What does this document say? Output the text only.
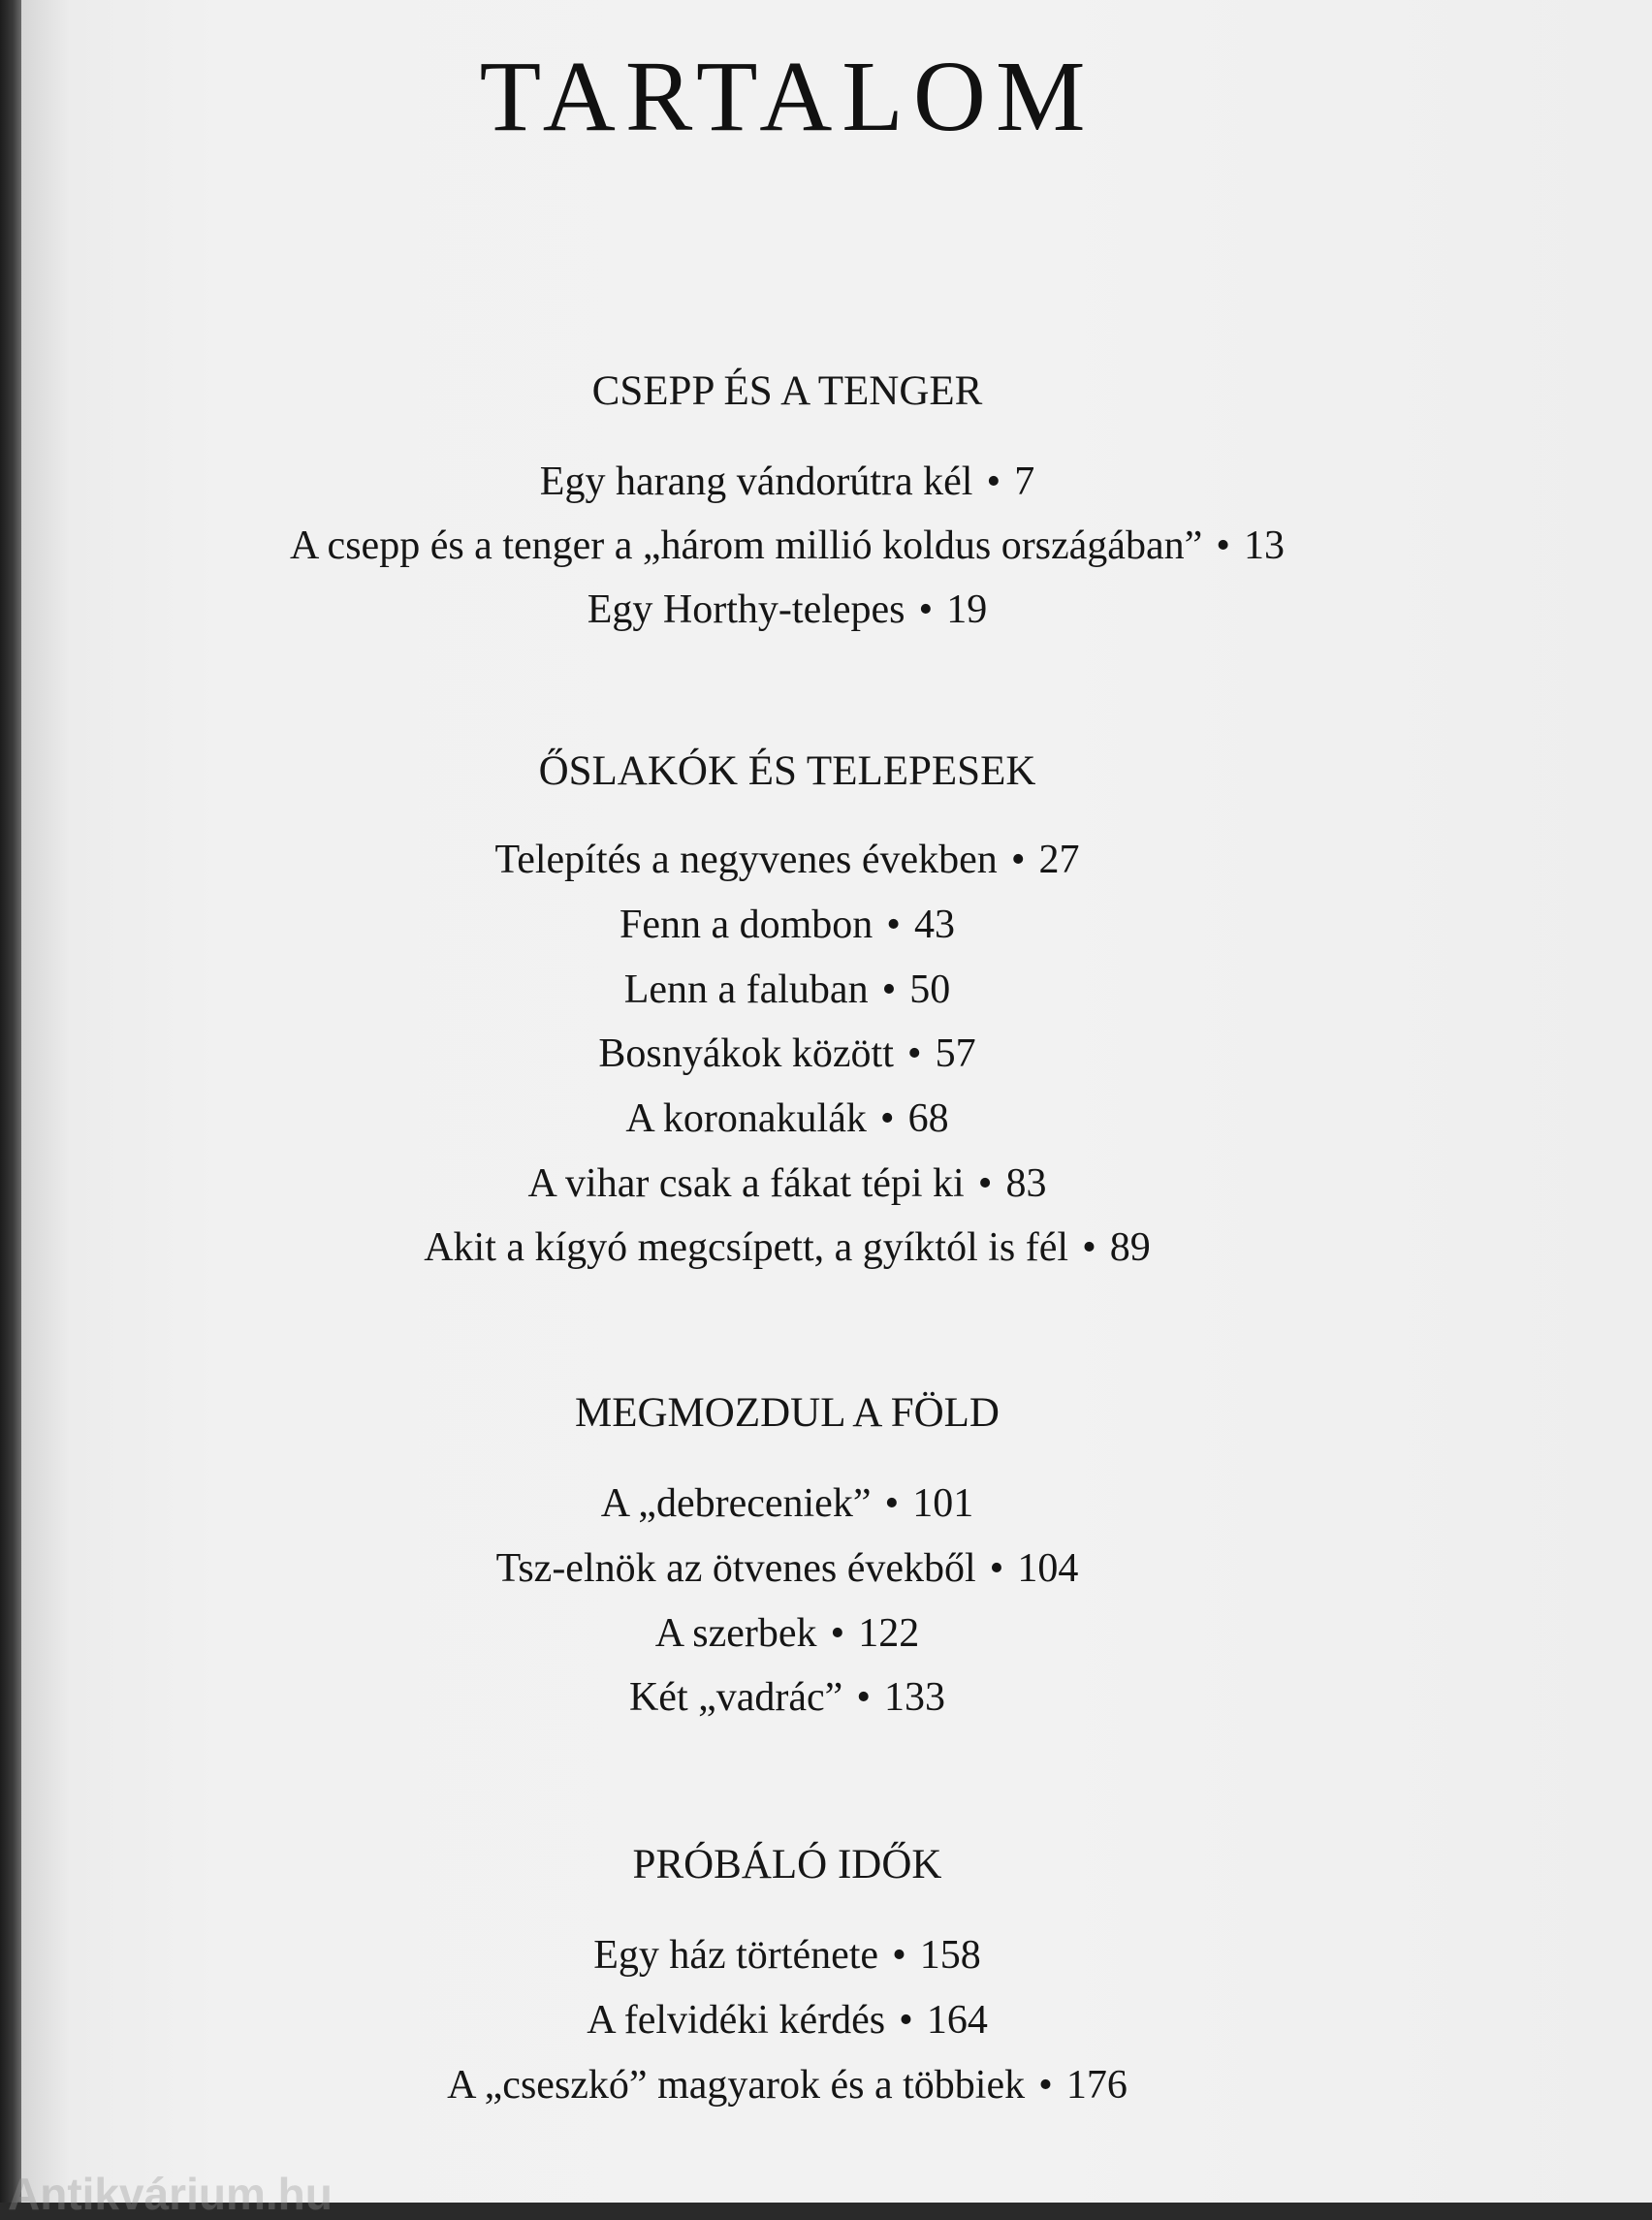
TARTALOM
CSEPP ÉS A TENGER
Egy harang vándorútra kél • 7
A csepp és a tenger a „három millió koldus országában” • 13
Egy Horthy-telepes • 19
ŐSLAKÓK ÉS TELEPESEK
Telepítés a negyvenes években • 27
Fenn a dombon • 43
Lenn a faluban • 50
Bosnyákok között • 57
A koronakulák • 68
A vihar csak a fákat tépi ki • 83
Akit a kígyó megcsípett, a gyíktól is fél • 89
MEGMOZDUL A FÖLD
A „debreceniek” • 101
Tsz-elnök az ötvenes évekből • 104
A szerbek • 122
Két „vadrác” • 133
PRÓBÁLÓ IDŐK
Egy ház története • 158
A felvidéki kérdés • 164
A „cseszkó” magyarok és a többiek • 176
Antikvárium.hu
